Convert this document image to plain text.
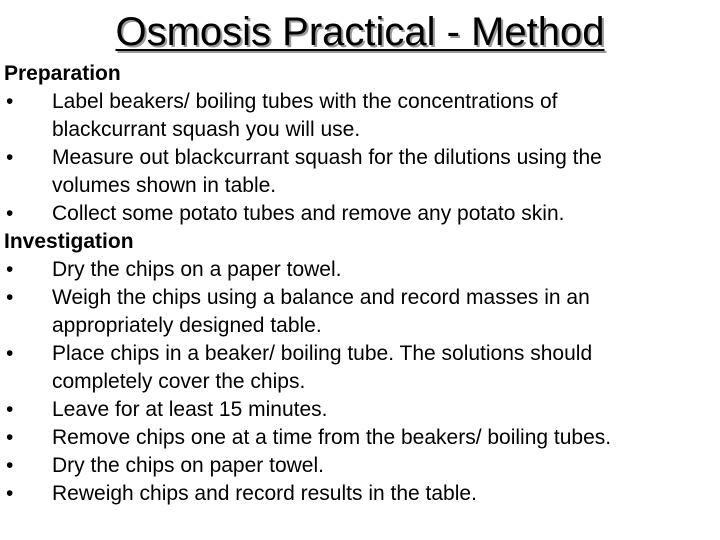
Osmosis Practical - Method
Preparation
•	Label beakers/ boiling tubes with the concentrations of
blackcurrant squash you will use.
•	Measure out blackcurrant squash for the dilutions using the
volumes shown in table.
•	Collect some potato tubes and remove any potato skin.
Investigation
•	Dry the chips on a paper towel.
•	Weigh the chips using a balance and record masses in an
appropriately designed table.
•	Place chips in a beaker/ boiling tube. The solutions should
completely cover the chips.
•	Leave for at least 15 minutes.
•	Remove chips one at a time from the beakers/ boiling tubes.
•	Dry the chips on paper towel.
•	Reweigh chips and record results in the table.
